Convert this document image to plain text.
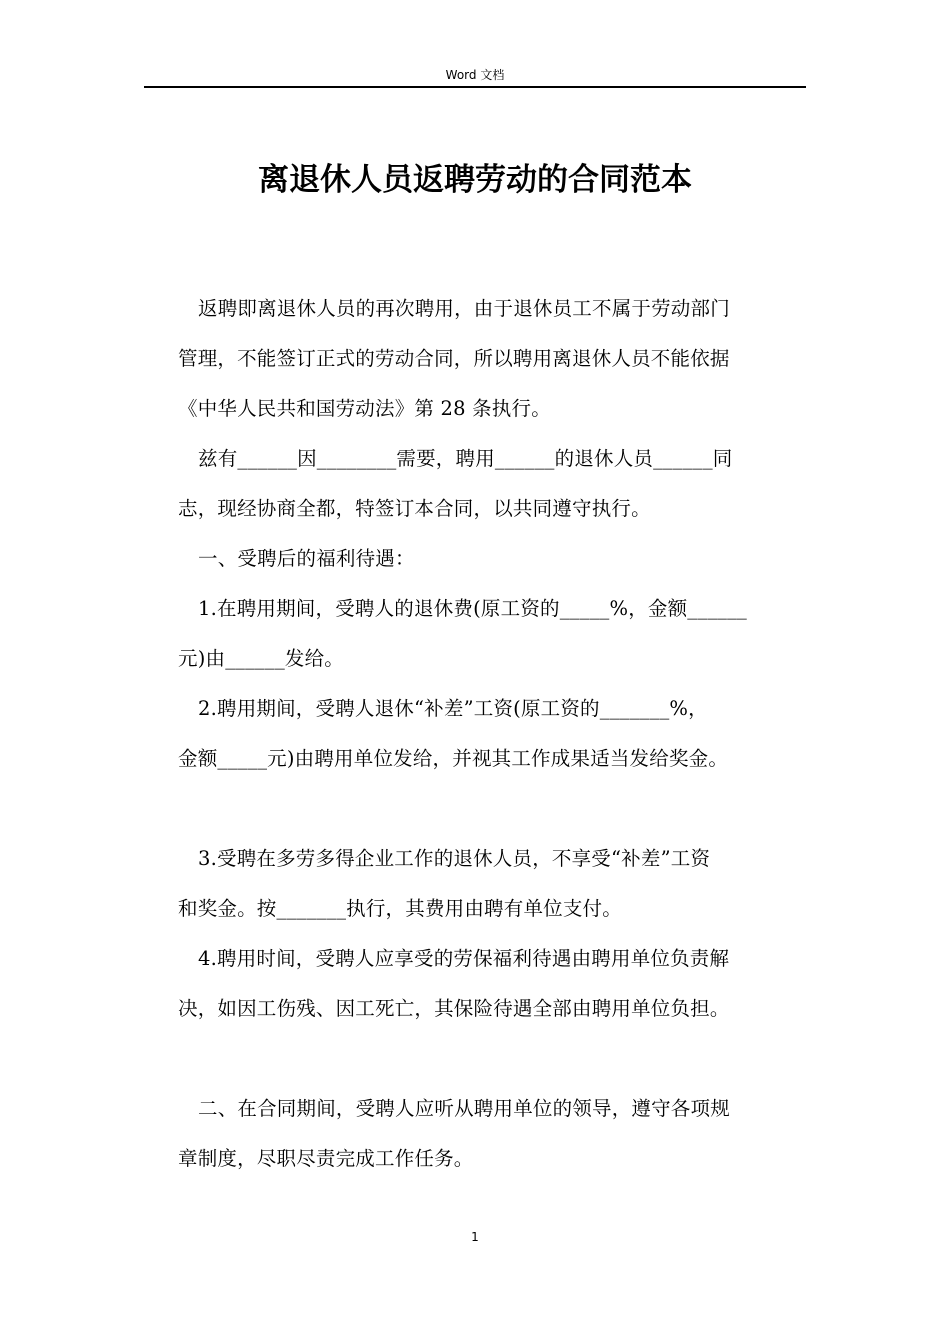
Word 文档
离退休人员返聘劳动的合同范本
返聘即离退休人员的再次聘用，由于退休员工不属于劳动部门
管理，不能签订正式的劳动合同，所以聘用离退休人员不能依据
《中华人民共和国劳动法》第 28 条执行。
兹有______因________需要，聘用______的退休人员______同
志，现经协商全都，特签订本合同，以共同遵守执行。
一、受聘后的福利待遇：
1.在聘用期间，受聘人的退休费(原工资的_____%，金额______
元)由______发给。
2.聘用期间，受聘人退休“补差”工资(原工资的_______%，
金额_____元)由聘用单位发给，并视其工作成果适当发给奖金。
3.受聘在多劳多得企业工作的退休人员，不享受“补差”工资
和奖金。按_______执行，其费用由聘有单位支付。
4.聘用时间，受聘人应享受的劳保福利待遇由聘用单位负责解
决，如因工伤残、因工死亡，其保险待遇全部由聘用单位负担。
二、在合同期间，受聘人应听从聘用单位的领导，遵守各项规
章制度，尽职尽责完成工作任务。
1
